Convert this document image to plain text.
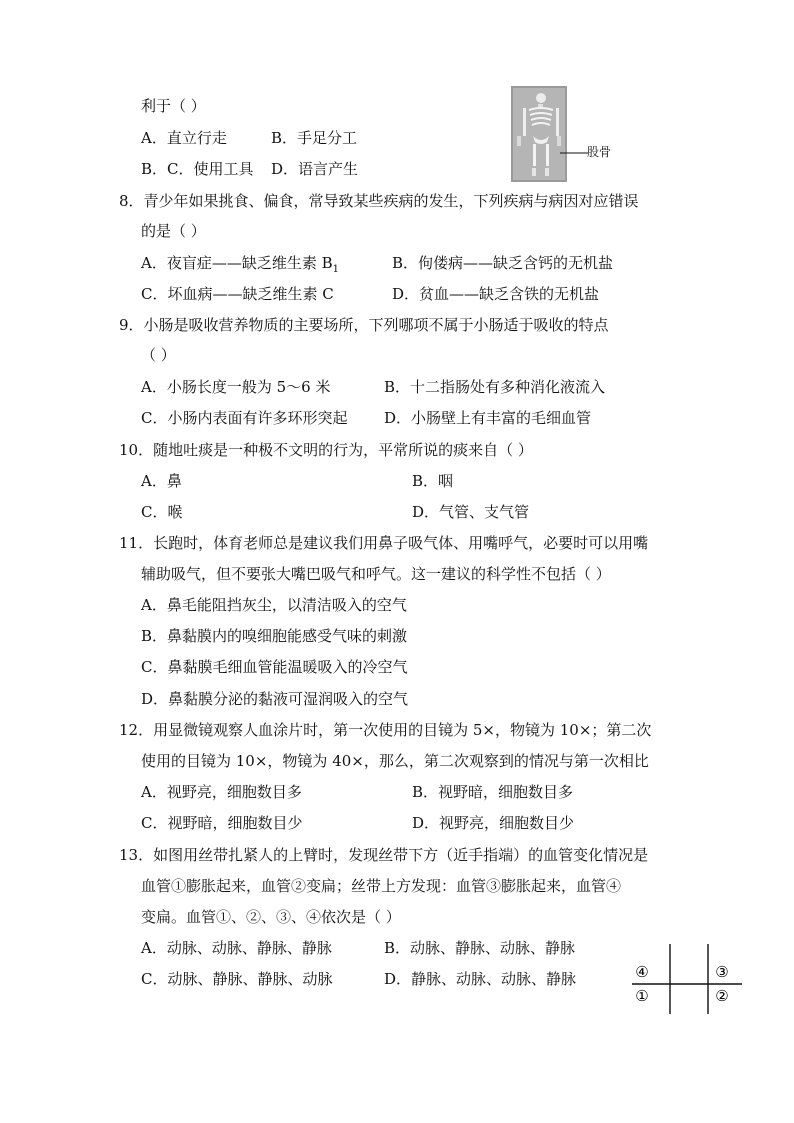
利于（ ）
A．直立行走	B．手足分工
B．C．使用工具 D．语言产生
股骨
8．青少年如果挑食、偏食，常导致某些疾病的发生，下列疾病与病因对应错误
的是（ ）
A．夜盲症——缺乏维生素 $B_1$	B．佝偻病——缺乏含钙的无机盐
C．坏血病——缺乏维生素 C	D．贫血——缺乏含铁的无机盐
9．小肠是吸收营养物质的主要场所，下列哪项不属于小肠适于吸收的特点
（ ）
A．小肠长度一般为 5～6 米	B．十二指肠处有多种消化液流入
C．小肠内表面有许多环形突起 D．小肠壁上有丰富的毛细血管
10．随地吐痰是一种极不文明的行为，平常所说的痰来自（ ）
A．鼻	B．咽
C．喉	D．气管、支气管
11．长跑时，体育老师总是建议我们用鼻子吸气体、用嘴呼气，必要时可以用嘴
辅助吸气，但不要张大嘴巴吸气和呼气。这一建议的科学性不包括（ ）
A．鼻毛能阻挡灰尘，以清洁吸入的空气
B．鼻黏膜内的嗅细胞能感受气味的刺激
C．鼻黏膜毛细血管能温暖吸入的冷空气
D．鼻黏膜分泌的黏液可湿润吸入的空气
12．用显微镜观察人血涂片时，第一次使用的目镜为 5×，物镜为 10×；第二次
使用的目镜为 10×，物镜为 40×，那么，第二次观察到的情况与第一次相比
A．视野亮，细胞数目多	B．视野暗，细胞数目多
C．视野暗，细胞数目少	D．视野亮，细胞数目少
13．如图用丝带扎紧人的上臂时，发现丝带下方（近手指端）的血管变化情况是
血管①膨胀起来，血管②变扁；丝带上方发现：血管③膨胀起来，血管④
变扁。血管①、②、③、④依次是（ ）
A．动脉、动脉、静脉、静脉	B．动脉、静脉、动脉、静脉
C．动脉、静脉、静脉、动脉	D．静脉、动脉、动脉、静脉	④	③
①	②
